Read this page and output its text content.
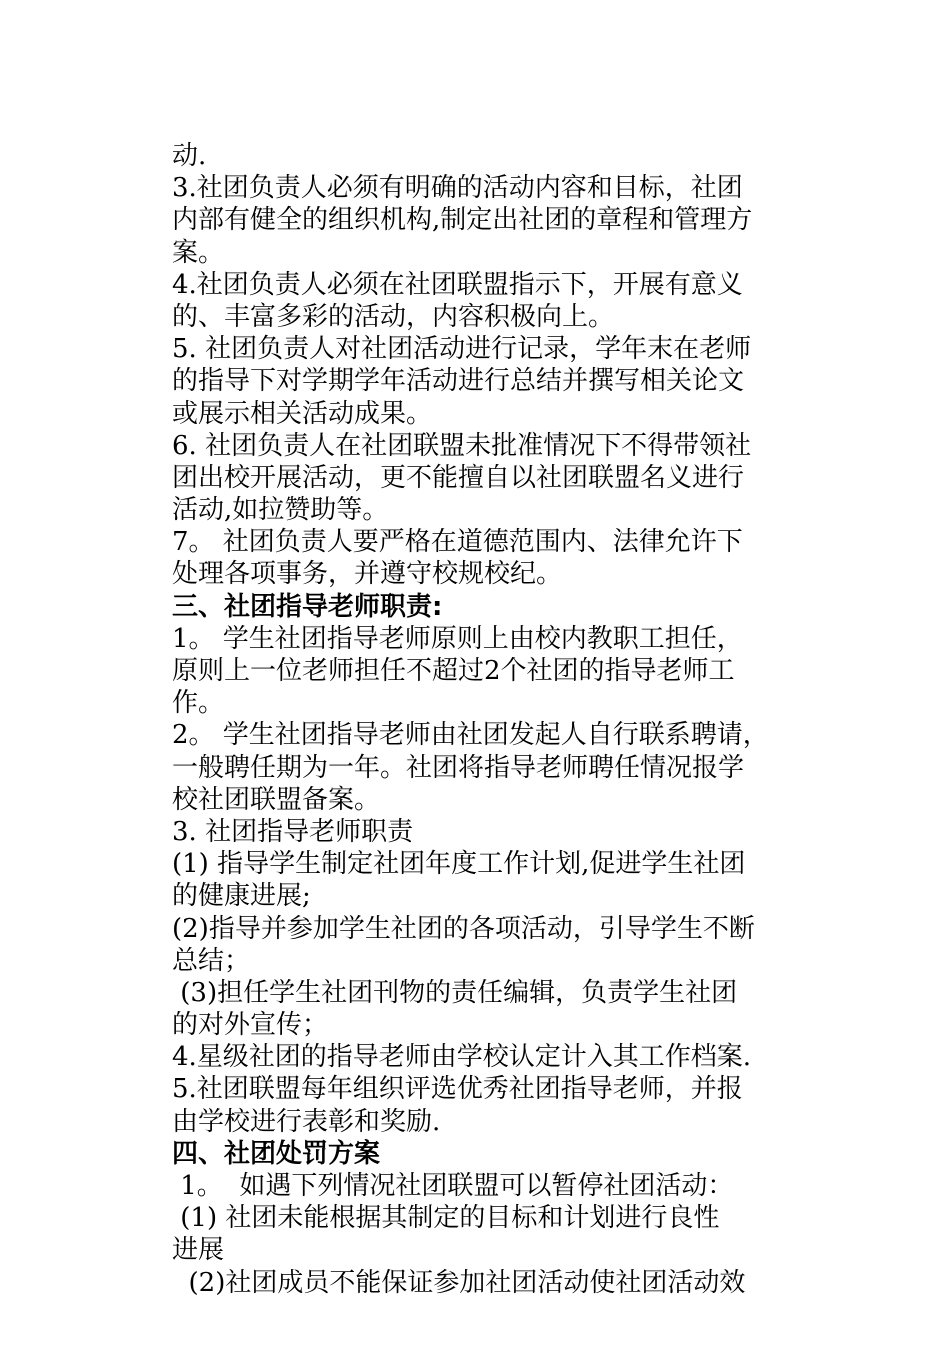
动.
3.社团负责人必须有明确的活动内容和目标，社团
内部有健全的组织机构,制定出社团的章程和管理方
案。
4.社团负责人必须在社团联盟指示下，开展有意义
的、丰富多彩的活动，内容积极向上。
5. 社团负责人对社团活动进行记录，学年末在老师
的指导下对学期学年活动进行总结并撰写相关论文
或展示相关活动成果。
6. 社团负责人在社团联盟未批准情况下不得带领社
团出校开展活动，更不能擅自以社团联盟名义进行
活动,如拉赞助等。
7。 社团负责人要严格在道德范围内、法律允许下
处理各项事务，并遵守校规校纪。
三、社团指导老师职责:
1。 学生社团指导老师原则上由校内教职工担任，
原则上一位老师担任不超过2个社团的指导老师工
作。
2。 学生社团指导老师由社团发起人自行联系聘请，
一般聘任期为一年。社团将指导老师聘任情况报学
校社团联盟备案。
3. 社团指导老师职责
(1) 指导学生制定社团年度工作计划,促进学生社团
的健康进展;
(2)指导并参加学生社团的各项活动，引导学生不断
总结；
(3)担任学生社团刊物的责任编辑，负责学生社团
的对外宣传；
4.星级社团的指导老师由学校认定计入其工作档案.
5.社团联盟每年组织评选优秀社团指导老师，并报
由学校进行表彰和奖励.
四、社团处罚方案
1。  如遇下列情况社团联盟可以暂停社团活动：
(1) 社团未能根据其制定的目标和计划进行良性
进展
(2)社团成员不能保证参加社团活动使社团活动效
